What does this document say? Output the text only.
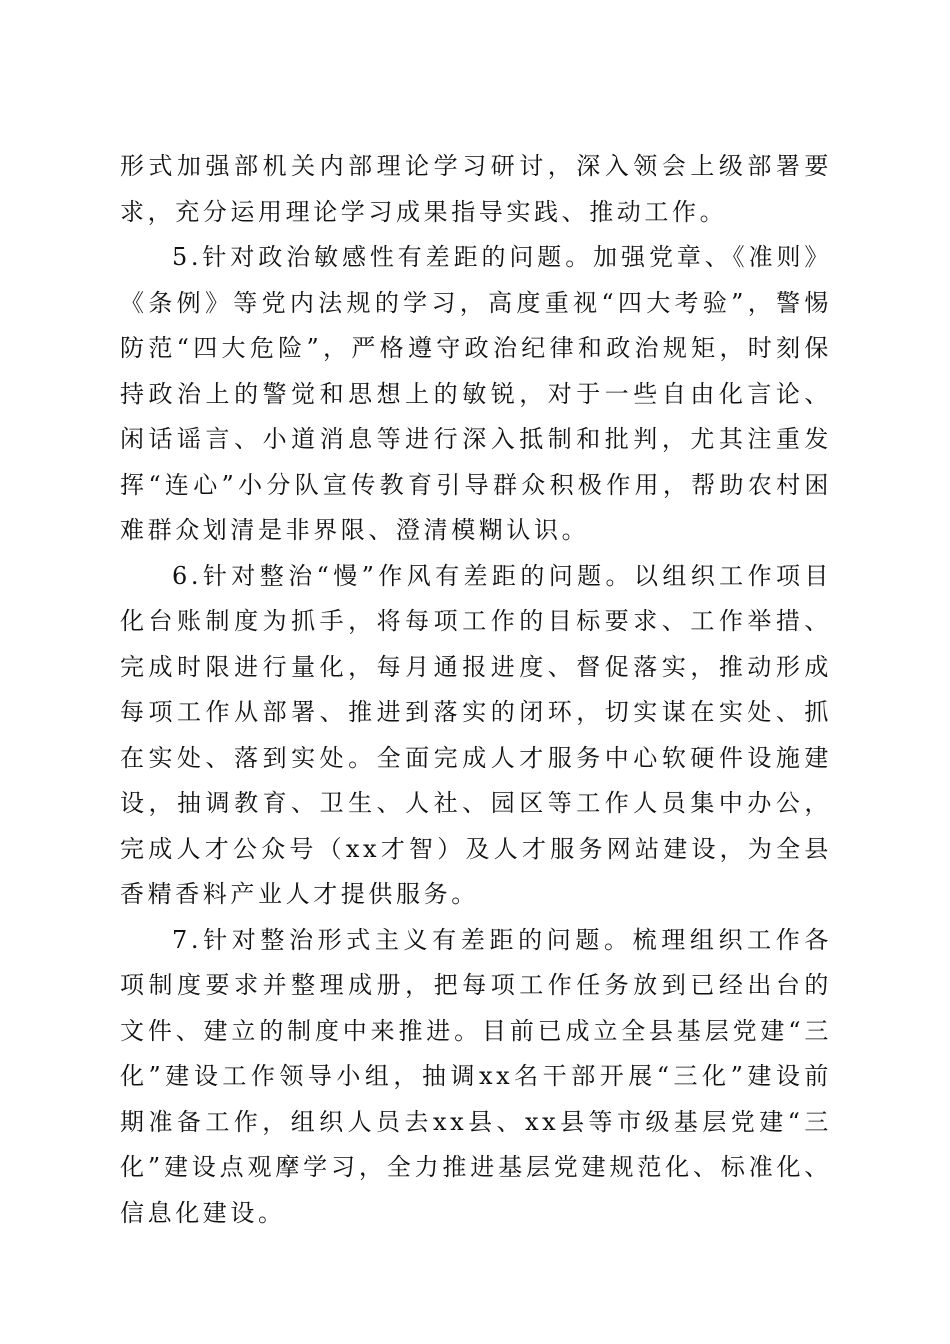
形式加强部机关内部理论学习研讨，深入领会上级部署要求，充分运用理论学习成果指导实践、推动工作。

5.针对政治敏感性有差距的问题。加强党章、《准则》《条例》等党内法规的学习，高度重视“四大考验”，警惕防范“四大危险”，严格遵守政治纪律和政治规矩，时刻保持政治上的警觉和思想上的敏锐，对于一些自由化言论、闲话谣言、小道消息等进行深入抵制和批判，尤其注重发挥“连心”小分队宣传教育引导群众积极作用，帮助农村困难群众划清是非界限、澄清模糊认识。

6.针对整治“慢”作风有差距的问题。以组织工作项目化台账制度为抓手，将每项工作的目标要求、工作举措、完成时限进行量化，每月通报进度、督促落实，推动形成每项工作从部署、推进到落实的闭环，切实谋在实处、抓在实处、落到实处。全面完成人才服务中心软硬件设施建设，抽调教育、卫生、人社、园区等工作人员集中办公，完成人才公众号（xx才智）及人才服务网站建设，为全县香精香料产业人才提供服务。

7.针对整治形式主义有差距的问题。梳理组织工作各项制度要求并整理成册，把每项工作任务放到已经出台的文件、建立的制度中来推进。目前已成立全县基层党建“三化”建设工作领导小组，抽调xx名干部开展“三化”建设前期准备工作，组织人员去xx县、xx县等市级基层党建“三化”建设点观摩学习，全力推进基层党建规范化、标准化、信息化建设。
